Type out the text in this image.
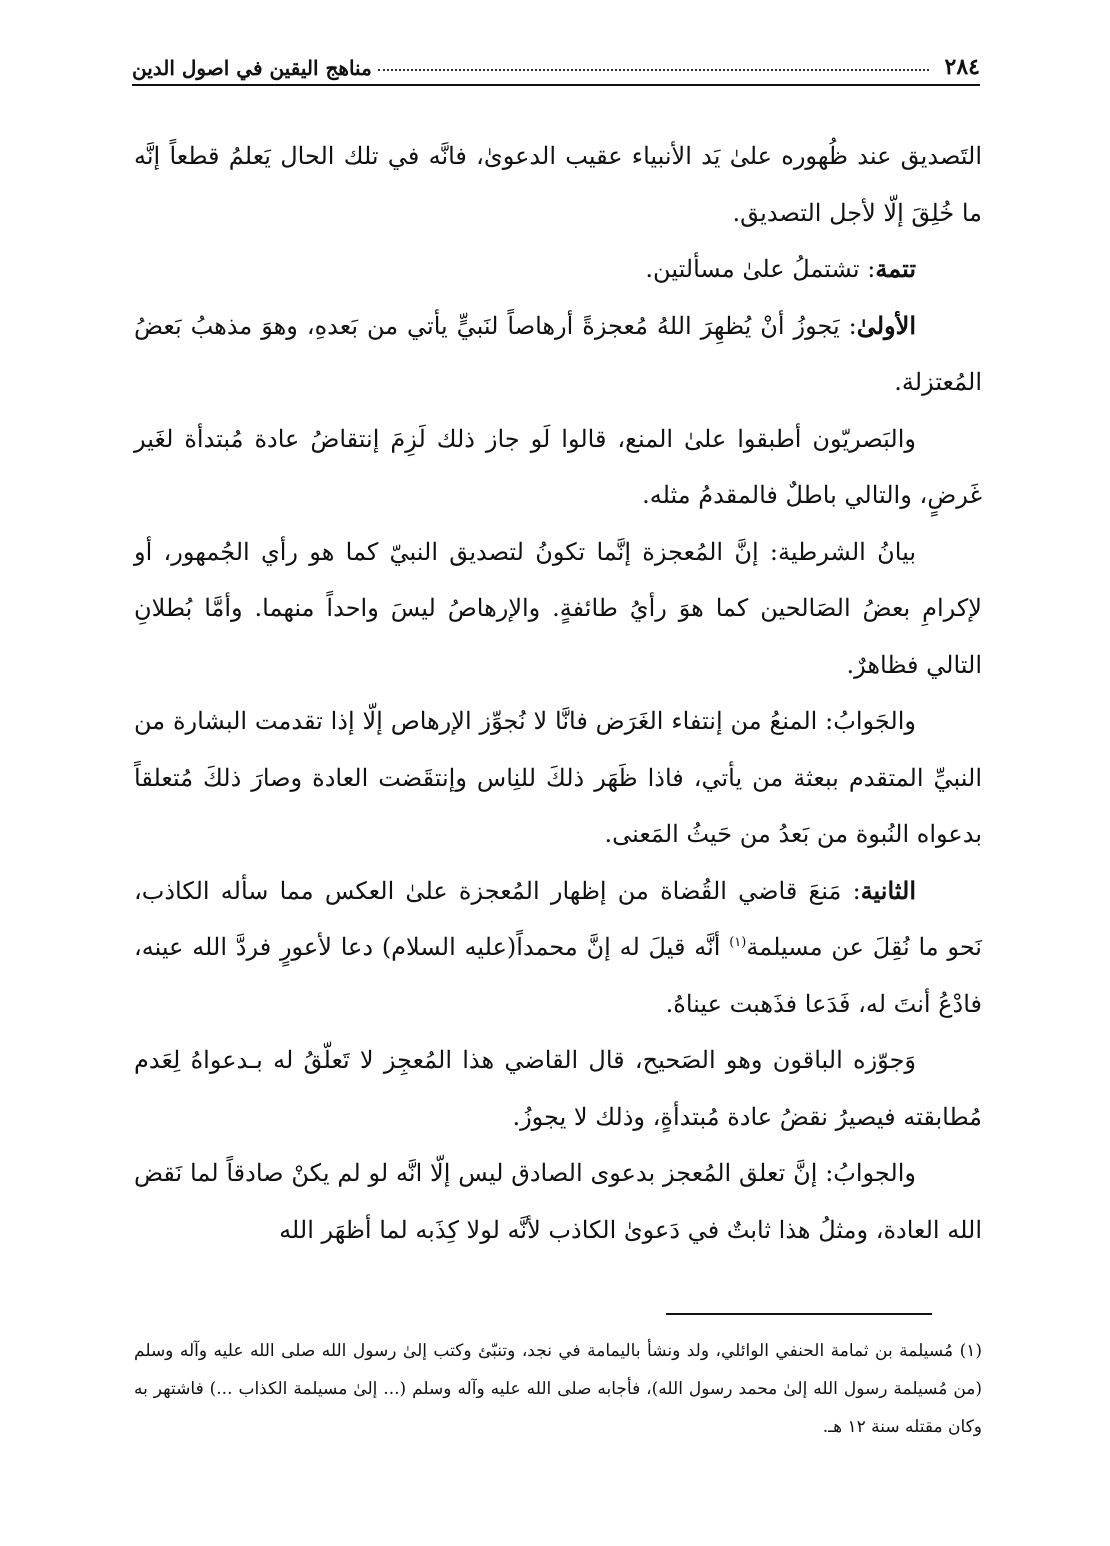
٢٨٤
مناهج اليقين في اصول الدين

التَصديق عند ظُهوره علىٰ يَد الأنبياء عقيب الدعوىٰ، فانَّه في تلك الحال يَعلمُ قطعاً إنَّه ما خُلِقَ إلّا لأجل التصديق.

تتمة: تشتملُ علىٰ مسألتين.

الأولىٰ: يَجوزُ أنْ يُظهِرَ اللهُ مُعجزةً أرهاصاً لنَبيٍّ يأتي من بَعدهِ، وهوَ مذهبُ بَعضُ المُعتزلة.

والبَصريّون أطبقوا علىٰ المنع، قالوا لَو جاز ذلك لَزِمَ إنتقاضُ عادة مُبتدأة لغَير غَرضٍ، والتالي باطلٌ فالمقدمُ مثله.

بيانُ الشرطية: إنَّ المُعجزة إنَّما تكونُ لتصديق النبيّ كما هو رأي الجُمهور، أو لإكرامِ بعضُ الصَالحين كما هوَ رأيُ طائفةٍ. والإرهاصُ ليسَ واحداً منهما. وأمَّا بُطلانِ التالي فظاهرٌ.

والجَوابُ: المنعُ من إنتفاء الغَرَض فانَّا لا نُجوِّز الإرهاص إلّا إذا تقدمت البشارة من النبيِّ المتقدم ببعثة من يأتي، فاذا ظَهَر ذلكَ للنِاس وإنتقَضت العادة وصارَ ذلكَ مُتعلقاً بدعواه النُبوة من بَعدُ من حَيثُ المَعنى.

الثانية: مَنعَ قاضي القُضاة من إظهار المُعجزة علىٰ العكس مما سأله الكاذب، نَحو ما نُقِلَ عن مسيلمة$^{(١)}$ أنَّه قيلَ له إنَّ محمداً(عليه السلام) دعا لأعورٍ فردَّ الله عينه، فادْعُ أنتَ له، فَدَعا فذَهبت عيناهُ.

وَجوّزه الباقون وهو الصَحيح، قال القاضي هذا المُعجِز لا تَعلّقُ له بـدعواهُ لِعَدم مُطابقته فيصيرُ نقضُ عادة مُبتدأةٍ، وذلك لا يجوزُ.

والجوابُ: إنَّ تعلق المُعجز بدعوى الصادق ليس إلّا انَّه لو لم يكنْ صادقاً لما نَقض الله العادة، ومثلُ هذا ثابتٌ في دَعوىٰ الكاذب لأنَّه لولا كِذَبه لما أظهَر الله

(١) مُسيلمة بن ثمامة الحنفي الوائلي، ولد ونشأ باليمامة في نجد، وتنبّئ وكتب إلىٰ رسول الله صلى الله عليه وآله وسلم (من مُسيلمة رسول الله إلىٰ محمد رسول الله)، فأجابه صلى الله عليه وآله وسلم (... إلىٰ مسيلمة الكذاب ...) فاشتهر به وكان مقتله سنة ١٢ هـ.
